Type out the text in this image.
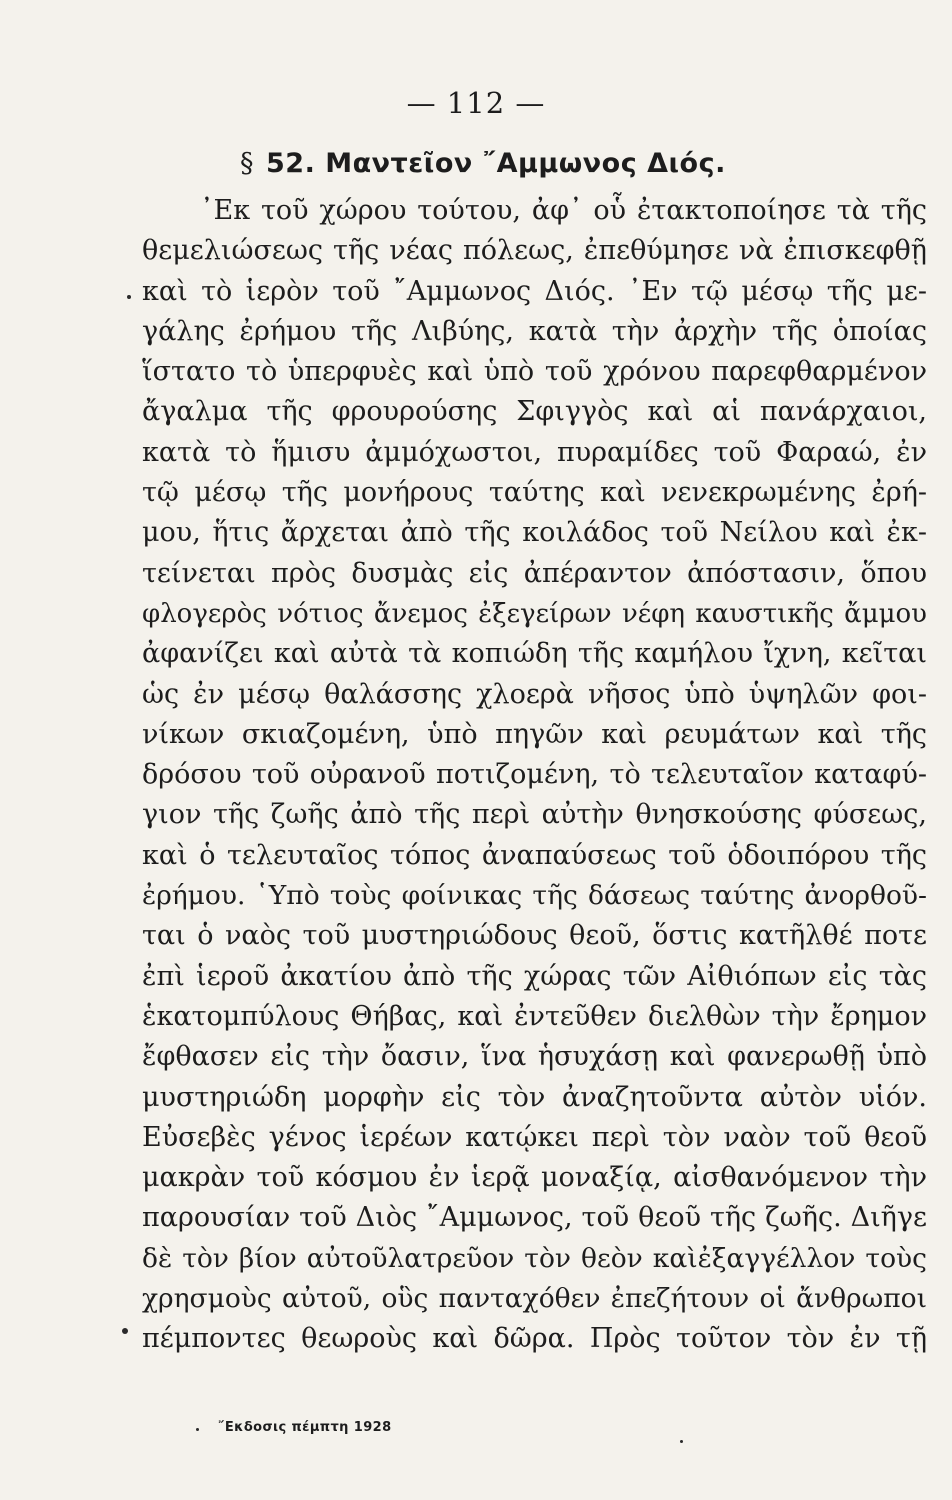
— 112 —
§ 52. Μαντεῖον ῎Αμμωνος Διός.
᾿Εκ τοῦ χώρου τούτου, ἀφ᾿ οὗ ἐτακτοποίησε τὰ τῆς
θεμελιώσεως τῆς νέας πόλεως, ἐπεθύμησε νὰ ἐπισκεφθῇ
καὶ τὸ ἱερὸν τοῦ ῎Αμμωνος Διός. ᾿Εν τῷ μέσῳ τῆς με-
γάλης ἐρήμου τῆς Λιβύης, κατὰ τὴν ἀρχὴν τῆς ὁποίας
ἵστατο τὸ ὑπερφυὲς καὶ ὑπὸ τοῦ χρόνου παρεφθαρμένον
ἄγαλμα τῆς φρουρούσης Σφιγγὸς καὶ αἱ πανάρχαιοι,
κατὰ τὸ ἥμισυ ἀμμόχωστοι, πυραμίδες τοῦ Φαραώ, ἐν
τῷ μέσῳ τῆς μονήρους ταύτης καὶ νενεκρωμένης ἐρή-
μου, ἥτις ἄρχεται ἀπὸ τῆς κοιλάδος τοῦ Νείλου καὶ ἐκ-
τείνεται πρὸς δυσμὰς εἰς ἀπέραντον ἀπόστασιν, ὅπου
φλογερὸς νότιος ἄνεμος ἐξεγείρων νέφη καυστικῆς ἄμμου
ἀφανίζει καὶ αὐτὰ τὰ κοπιώδη τῆς καμήλου ἴχνη, κεῖται
ὡς ἐν μέσῳ θαλάσσης χλοερὰ νῆσος ὑπὸ ὑψηλῶν φοι-
νίκων σκιαζομένη, ὑπὸ πηγῶν καὶ ρευμάτων καὶ τῆς
δρόσου τοῦ οὐρανοῦ ποτιζομένη, τὸ τελευταῖον καταφύ-
γιον τῆς ζωῆς ἀπὸ τῆς περὶ αὐτὴν θνησκούσης φύσεως,
καὶ ὁ τελευταῖος τόπος ἀναπαύσεως τοῦ ὁδοιπόρου τῆς
ἐρήμου. ῾Υπὸ τοὺς φοίνικας τῆς δάσεως ταύτης ἀνορθοῦ-
ται ὁ ναὸς τοῦ μυστηριώδους θεοῦ, ὅστις κατῆλθέ ποτε
ἐπὶ ἱεροῦ ἀκατίου ἀπὸ τῆς χώρας τῶν Αἰθιόπων εἰς τὰς
ἑκατομπύλους Θήβας, καὶ ἐντεῦθεν διελθὼν τὴν ἔρημον
ἔφθασεν εἰς τὴν ὄασιν, ἵνα ἡσυχάσῃ καὶ φανερωθῇ ὑπὸ
μυστηριώδη μορφὴν εἰς τὸν ἀναζητοῦντα αὐτὸν υἱόν.
Εὐσεβὲς γένος ἱερέων κατῴκει περὶ τὸν ναὸν τοῦ θεοῦ
μακρὰν τοῦ κόσμου ἐν ἱερᾷ μοναξίᾳ, αἰσθανόμενον τὴν
παρουσίαν τοῦ Διὸς ῎Αμμωνος, τοῦ θεοῦ τῆς ζωῆς. Διῆγε
δὲ τὸν βίον αὐτοῦλατρεῦον τὸν θεὸν καὶἐξαγγέλλον τοὺς
χρησμοὺς αὐτοῦ, οὓς πανταχόθεν ἐπεζήτουν οἱ ἄνθρωποι
πέμποντες θεωροὺς καὶ δῶρα. Πρὸς τοῦτον τὸν ἐν τῇ
῎Εκδοσις πέμπτη 1928
